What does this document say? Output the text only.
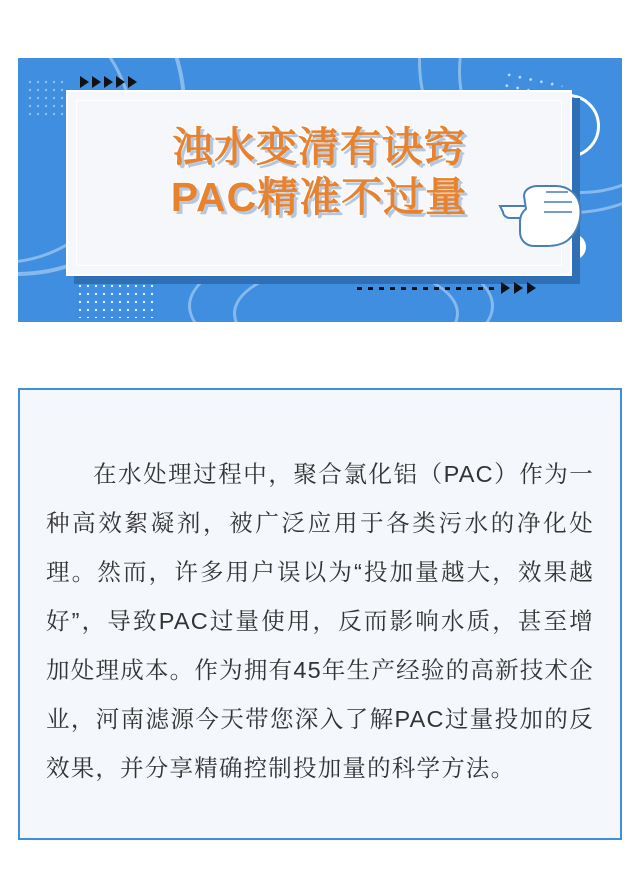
浊水变清有诀窍
PAC精准不过量

在水处理过程中，聚合氯化铝（PAC）作为一种高效絮凝剂，被广泛应用于各类污水的净化处理。然而，许多用户误以为“投加量越大，效果越好”，导致PAC过量使用，反而影响水质，甚至增加处理成本。作为拥有45年生产经验的高新技术企业，河南滤源今天带您深入了解PAC过量投加的反效果，并分享精确控制投加量的科学方法。
